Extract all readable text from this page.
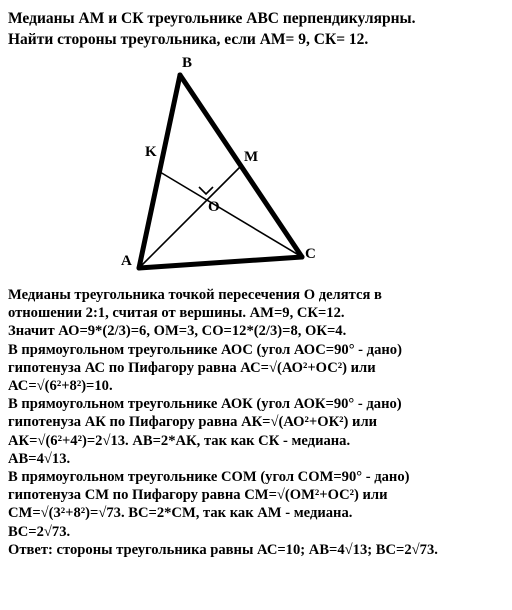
Медианы АМ и СК треугольнике АВС перпендикулярны.
Найти стороны треугольника, если АМ= 9, СК= 12.
B
K	M
O
A	C
Медианы треугольника точкой пересечения О делятся в
отношении 2:1, считая от вершины. АМ=9, СК=12.
Значит АО=9*(2/3)=6, ОМ=3, СО=12*(2/3)=8, ОК=4.
В прямоугольном треугольнике АОС (угол АОС=90° - дано)
гипотенуза АС по Пифагору равна АС=√(АО²+ОС²) или
АС=√(6²+8²)=10.
В прямоугольном треугольнике АОК (угол АОК=90° - дано)
гипотенуза АК по Пифагору равна АК=√(АО²+ОК²) или
АК=√(6²+4²)=2√13. АВ=2*АК, так как СК - медиана.
АВ=4√13.
В прямоугольном треугольнике СОМ (угол СОМ=90° - дано)
гипотенуза СМ по Пифагору равна СМ=√(ОМ²+ОС²) или
СМ=√(3²+8²)=√73. ВС=2*СМ, так как АМ - медиана.
ВС=2√73.
Ответ: стороны треугольника равны АС=10; АВ=4√13; ВС=2√73.
